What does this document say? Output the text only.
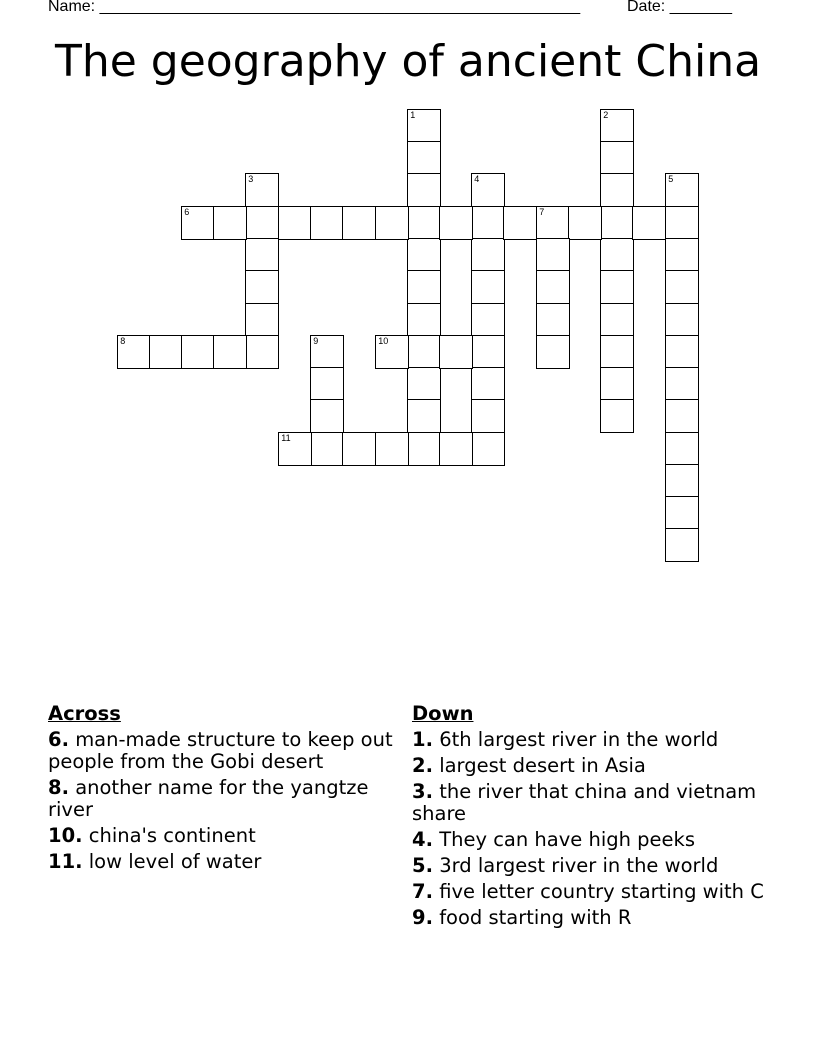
Name: ______________________________________________________	Date: _______
The geography of ancient China
1	2
3	4	5
6	7
8	9	10
11
Across
6. man-made structure to keep out people from the Gobi desert
8. another name for the yangtze river
10. china's continent
11. low level of water
Down
1. 6th largest river in the world
2. largest desert in Asia
3. the river that china and vietnam share
4. They can have high peeks
5. 3rd largest river in the world
7. five letter country starting with C
9. food starting with R
